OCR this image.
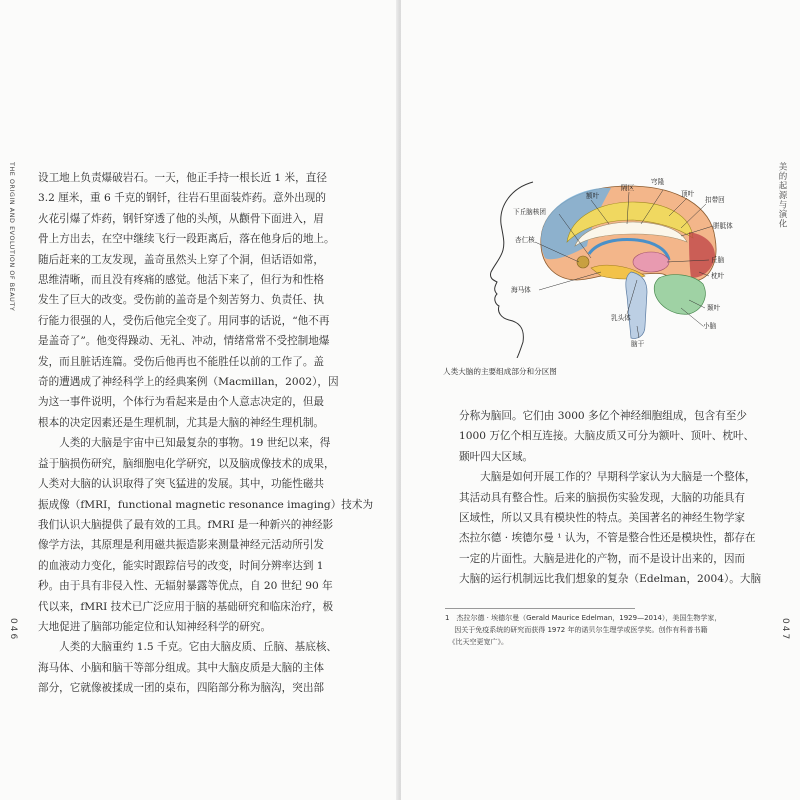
THE ORIGIN AND EVOLUTION OF BEAUTY
046

设工地上负责爆破岩石。一天，他正手持一根长近 1 米，直径

3.2 厘米，重 6 千克的钢钎，往岩石里面装炸药。意外出现的

火花引爆了炸药，钢钎穿透了他的头颅，从颧骨下面进入，眉

骨上方出去，在空中继续飞行一段距离后，落在他身后的地上。

随后赶来的工友发现，盖奇虽然头上穿了个洞，但话语如常，

思维清晰，而且没有疼痛的感觉。他活下来了，但行为和性格

发生了巨大的改变。受伤前的盖奇是个刻苦努力、负责任、执

行能力很强的人，受伤后他完全变了。用同事的话说，“他不再

是盖奇了”。他变得躁动、无礼、冲动，情绪常常不受控制地爆

发，而且脏话连篇。受伤后他再也不能胜任以前的工作了。盖

奇的遭遇成了神经科学上的经典案例（Macmillan，2002），因

为这一事件说明，个体行为看起来是由个人意志决定的，但最

根本的决定因素还是生理机制，尤其是大脑的神经生理机制。

　　人类的大脑是宇宙中已知最复杂的事物。19 世纪以来，得

益于脑损伤研究，脑细胞电化学研究，以及脑成像技术的成果，

人类对大脑的认识取得了突飞猛进的发展。其中，功能性磁共

振成像（fMRI，functional magnetic resonance imaging）技术为

我们认识大脑提供了最有效的工具。fMRI 是一种新兴的神经影

像学方法，其原理是利用磁共振造影来测量神经元活动所引发

的血液动力变化，能实时跟踪信号的改变，时间分辨率达到 1

秒。由于具有非侵入性、无辐射暴露等优点，自 20 世纪 90 年

代以来，fMRI 技术已广泛应用于脑的基础研究和临床治疗，极

大地促进了脑部功能定位和认知神经科学的研究。

　　人类的大脑重约 1.5 千克。它由大脑皮质、丘脑、基底核、

海马体、小脑和脑干等部分组成。其中大脑皮质是大脑的主体

部分，它就像被揉成一团的桌布，四陷部分称为脑沟，突出部

美的起源与演化
047
额叶
隔区
穹隆
顶叶
扣带回
下丘脑核团
胼胝体
杏仁核
丘脑
枕叶
海马体
颞叶
乳头体
小脑
脑干
人类大脑的主要组成部分和分区图

分称为脑回。它们由 3000 多亿个神经细胞组成，包含有至少

1000 万亿个相互连接。大脑皮质又可分为额叶、顶叶、枕叶、

颞叶四大区域。

　　大脑是如何开展工作的？早期科学家认为大脑是一个整体，

其活动具有整合性。后来的脑损伤实验发现，大脑的功能具有

区域性，所以又具有模块性的特点。美国著名的神经生物学家

杰拉尔德 · 埃德尔曼 ¹ 认为，不管是整合性还是模块性，都存在

一定的片面性。大脑是进化的产物，而不是设计出来的，因而

大脑的运行机制远比我们想象的复杂（Edelman，2004）。大脑

1　杰拉尔德 · 埃德尔曼（Gerald Maurice Edelman，1929—2014），美国生物学家，

　 因关于免疫系统的研究而获得 1972 年的诺贝尔生理学或医学奖。创作有科普书籍

　《比天空更宽广》。
